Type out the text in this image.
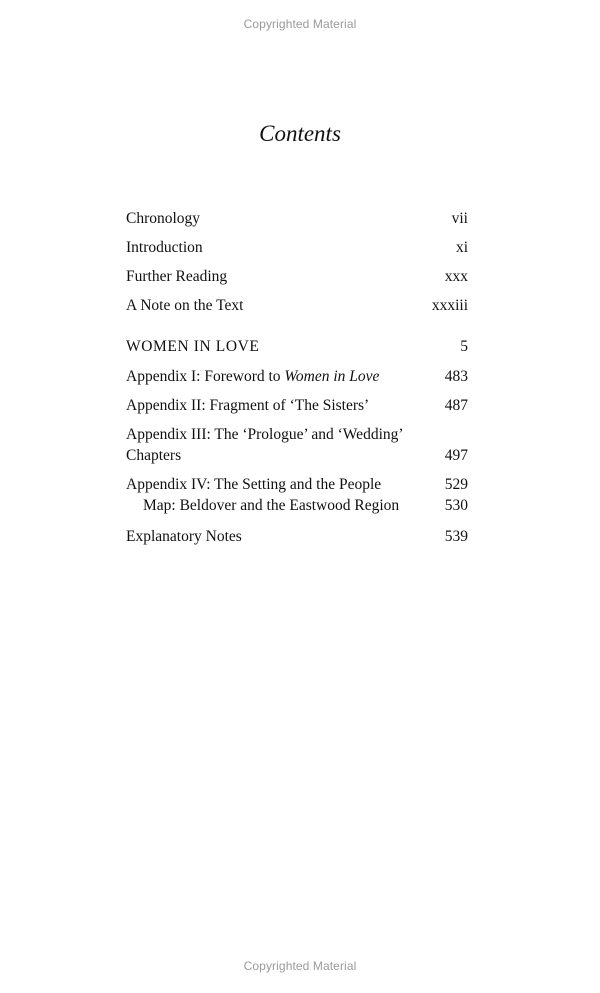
Copyrighted Material
Contents
Chronology	vii
Introduction	xi
Further Reading	xxx
A Note on the Text	xxxiii
WOMEN IN LOVE	5
Appendix I: Foreword to Women in Love	483
Appendix II: Fragment of ‘The Sisters’	487
Appendix III: The ‘Prologue’ and ‘Wedding’
Chapters	497
Appendix IV: The Setting and the People	529
Map: Beldover and the Eastwood Region	530
Explanatory Notes	539
Copyrighted Material
